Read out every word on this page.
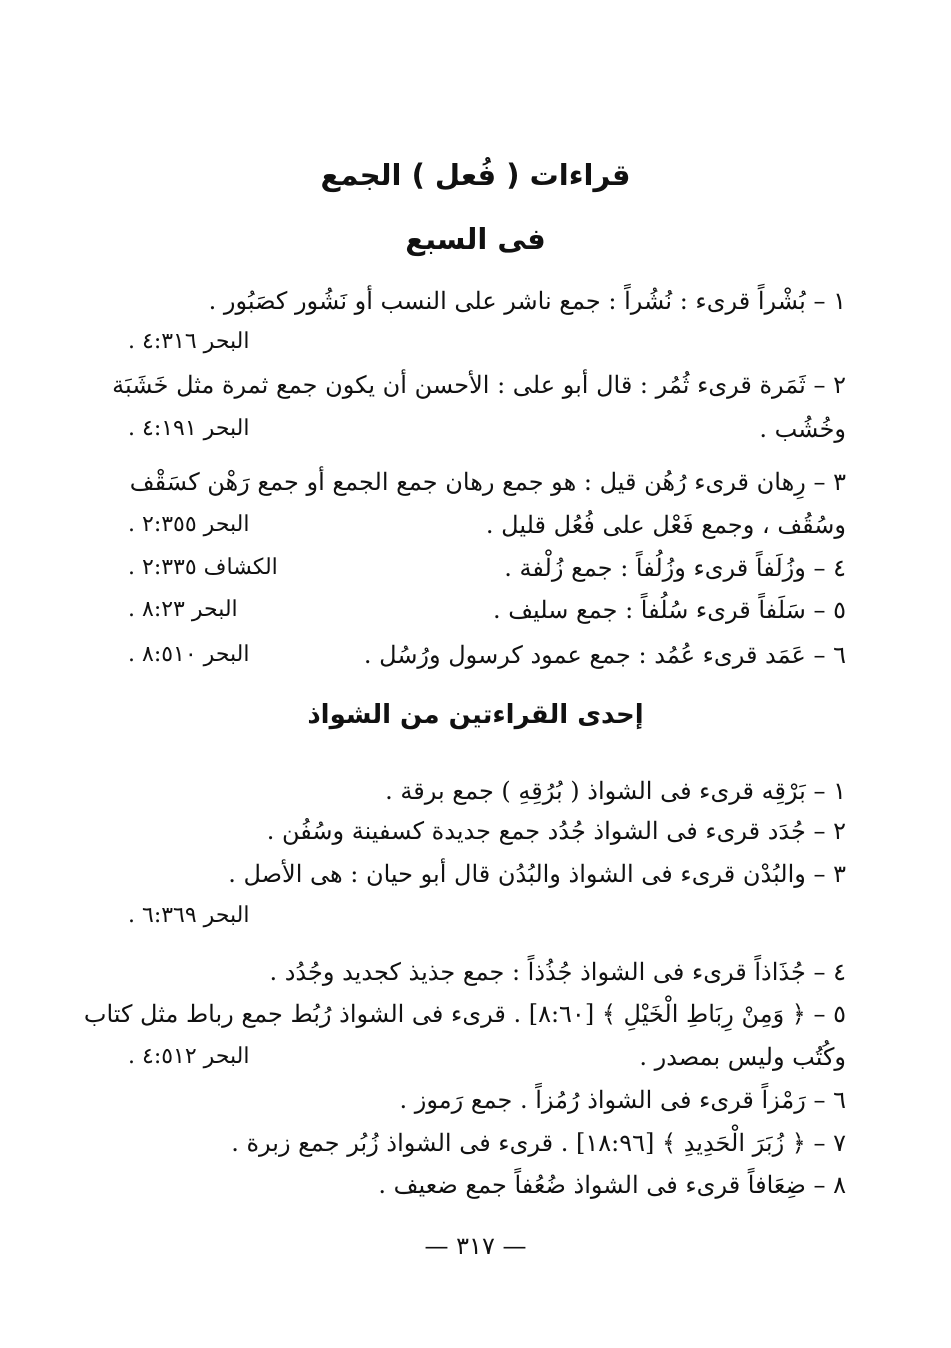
قراءات ( فُعل ) الجمع
فى السبع
١ – بُشْراً قرىء : نُشُراً : جمع ناشر على النسب أو نَشُور كصَبُور .
البحر ٤:٣١٦ .
٢ – ثَمَرة قرىء ثُمُر : قال أبو على : الأحسن أن يكون جمع ثمرة مثل خَشَبَة
وخُشُب .
البحر ٤:١٩١ .
٣ – رِهان قرىء رُهُن قيل : هو جمع رهان جمع الجمع أو جمع رَهْن كسَقْف
وسُقُف ، وجمع فَعْل على فُعُل قليل .
البحر ٢:٣٥٥ .
٤ – وزُلَفاً قرىء وزُلُفاً : جمع زُلْفة .
الكشاف ٢:٣٣٥ .
٥ – سَلَفاً قرىء سُلُفاً : جمع سليف .
البحر ٨:٢٣ .
٦ – عَمَد قرىء عُمُد : جمع عمود كرسول ورُسُل .
البحر ٨:٥١٠ .
إحدى القراءتين من الشواذ
١ – بَرْقِه قرىء فى الشواذ ( بُرُقِهِ ) جمع برقة .
٢ – جُدَد قرىء فى الشواذ جُدُد جمع جديدة كسفينة وسُفُن .
٣ – والبُدْن قرىء فى الشواذ والبُدُن قال أبو حيان : هى الأصل .
البحر ٦:٣٦٩ .
٤ – جُذَاذاً قرىء فى الشواذ جُذُذاً : جمع جذيذ كجديد وجُدُد .
٥ – ﴿ وَمِنْ رِبَاطِ الْخَيْلِ ﴾ [٨:٦٠] . قرىء فى الشواذ رُبُط جمع رباط مثل كتاب
وكُتُب وليس بمصدر .
البحر ٤:٥١٢ .
٦ – رَمْزاً قرىء فى الشواذ رُمُزاً . جمع رَموز .
٧ – ﴿ زُبَرَ الْحَدِيدِ ﴾ [١٨:٩٦] . قرىء فى الشواذ زُبُر جمع زبرة .
٨ – ضِعَافاً قرىء فى الشواذ ضُعُفاً جمع ضعيف .
— ٣١٧ —
